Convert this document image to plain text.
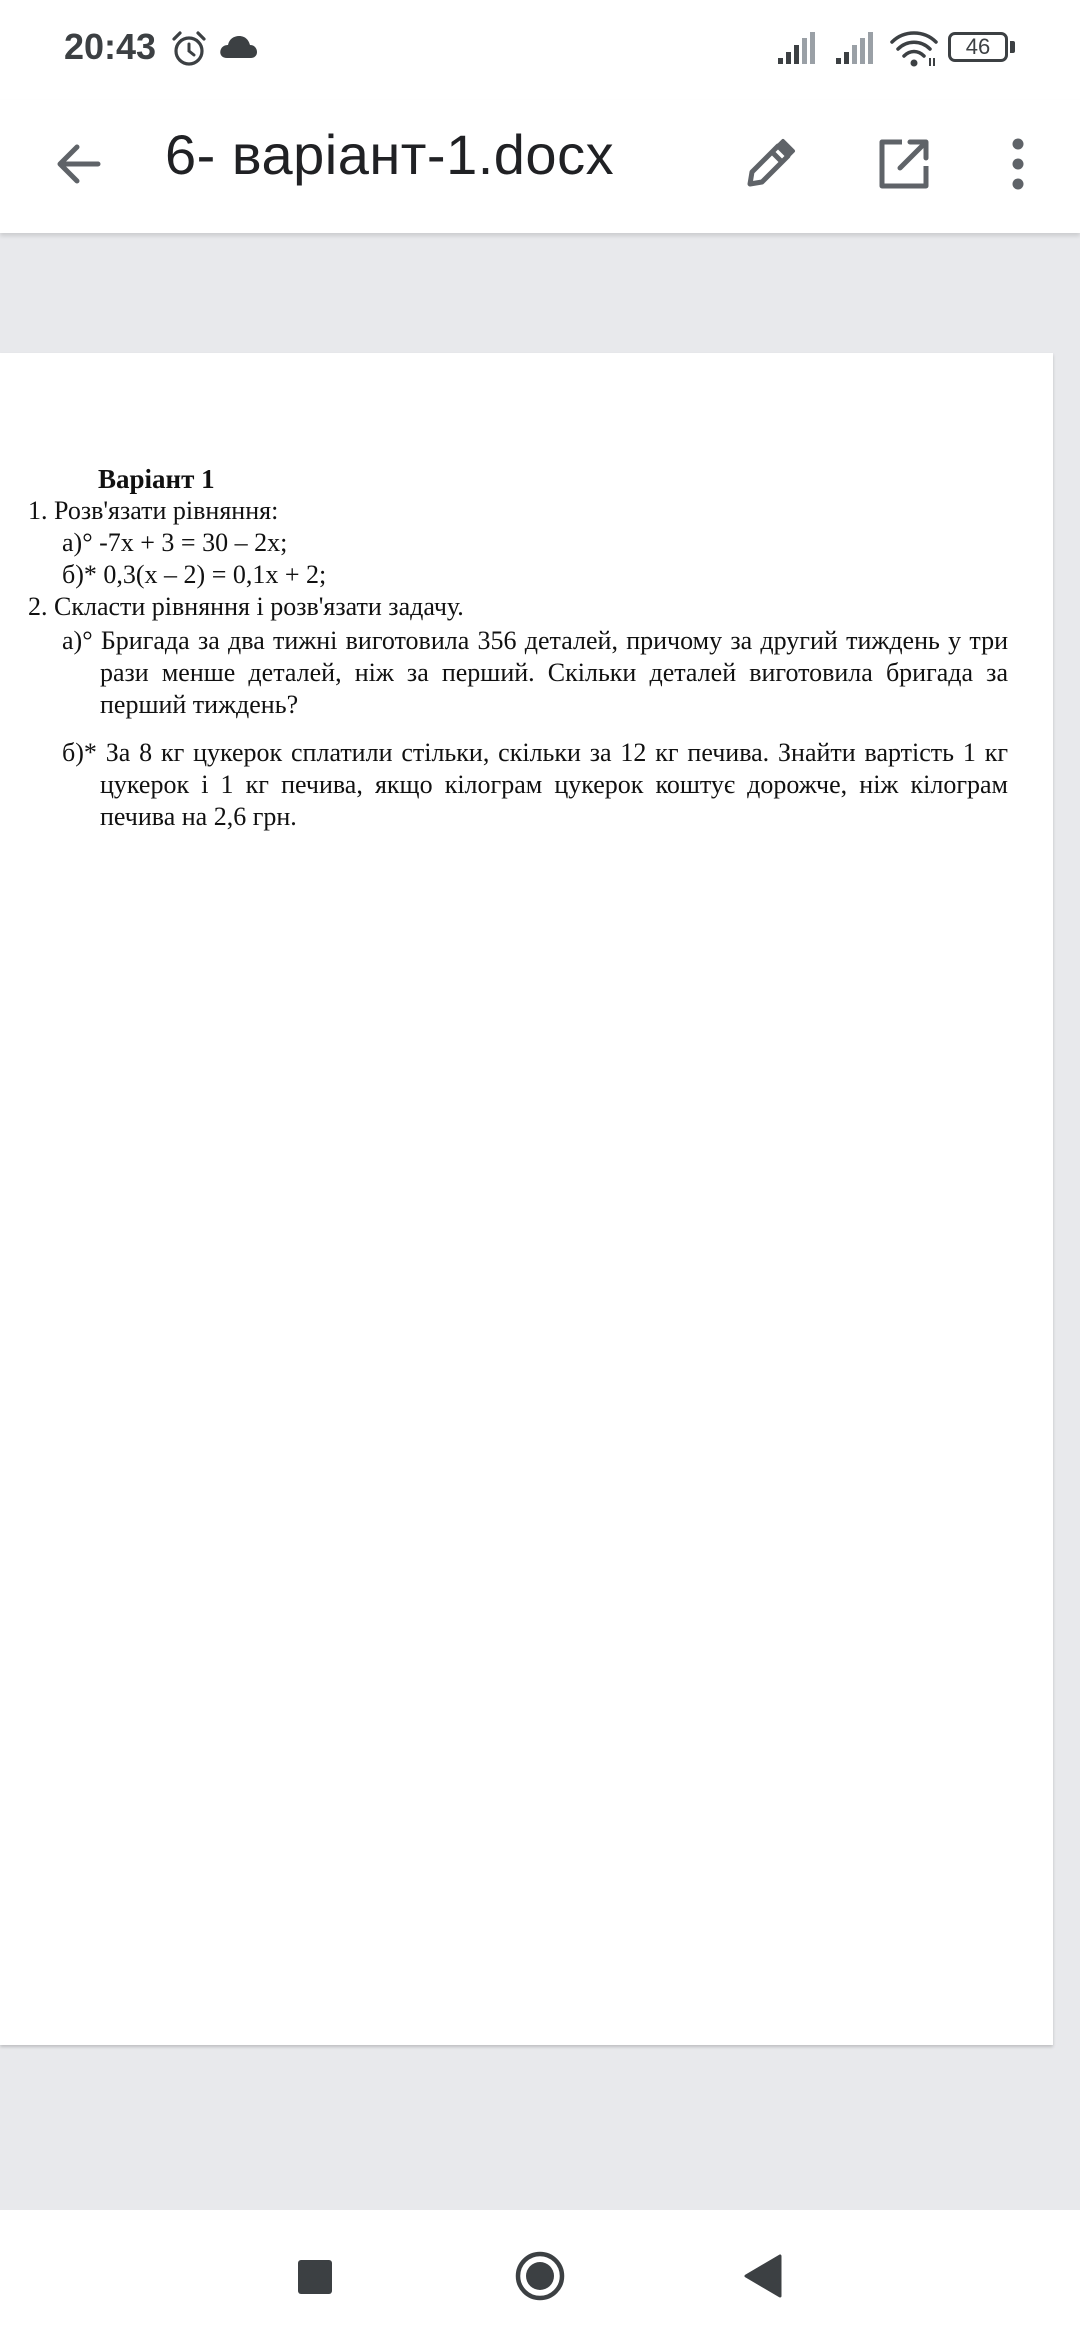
20:43	46
6- варіант-1.docx
Варіант 1
1. Розв'язати рівняння:
а)° -7x + 3 = 30 – 2x;
б)* 0,3(x – 2) = 0,1x + 2;
2. Скласти рівняння і розв'язати задачу.
а)° Бригада за два тижні виготовила 356 деталей, причому за другий тиждень у три рази менше деталей, ніж за перший. Скільки деталей виготовила бригада за перший тиждень?
б)* За 8 кг цукерок сплатили стільки, скільки за 12 кг печива. Знайти вартість 1 кг цукерок і 1 кг печива, якщо кілограм цукерок коштує дорожче, ніж кілограм печива на 2,6 грн.
